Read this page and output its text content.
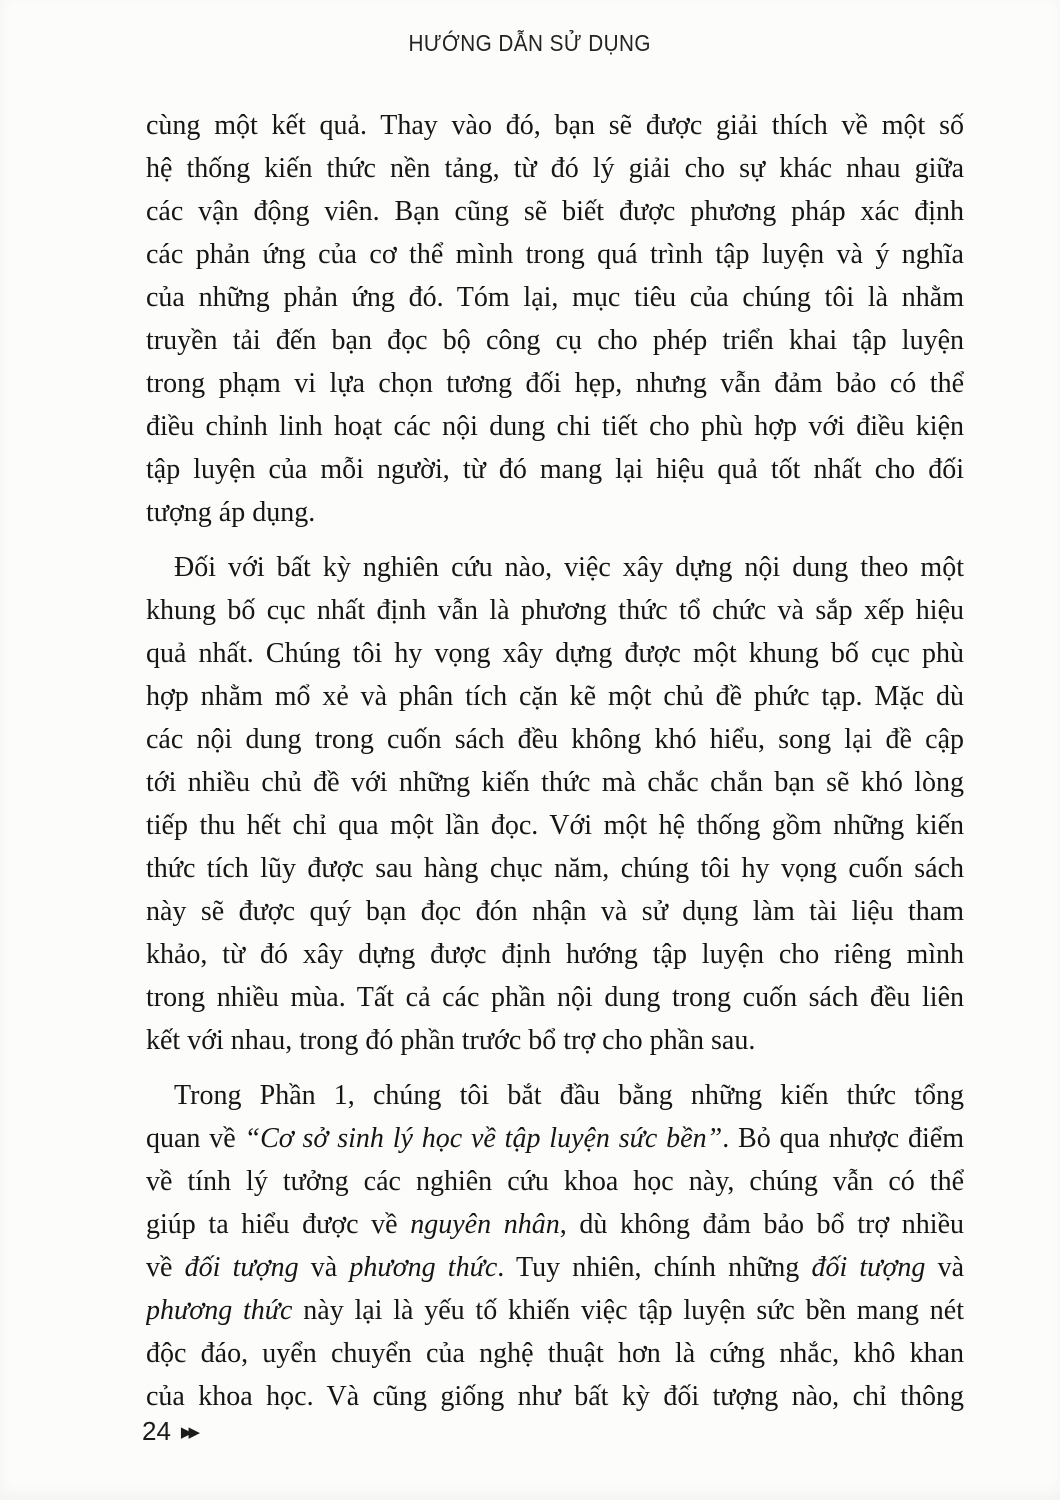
HƯỚNG DẪN SỬ DỤNG
cùng một kết quả. Thay vào đó, bạn sẽ được giải thích về một số
hệ thống kiến thức nền tảng, từ đó lý giải cho sự khác nhau giữa
các vận động viên. Bạn cũng sẽ biết được phương pháp xác định
các phản ứng của cơ thể mình trong quá trình tập luyện và ý nghĩa
của những phản ứng đó. Tóm lại, mục tiêu của chúng tôi là nhằm
truyền tải đến bạn đọc bộ công cụ cho phép triển khai tập luyện
trong phạm vi lựa chọn tương đối hẹp, nhưng vẫn đảm bảo có thể
điều chỉnh linh hoạt các nội dung chi tiết cho phù hợp với điều kiện
tập luyện của mỗi người, từ đó mang lại hiệu quả tốt nhất cho đối
tượng áp dụng.
Đối với bất kỳ nghiên cứu nào, việc xây dựng nội dung theo một
khung bố cục nhất định vẫn là phương thức tổ chức và sắp xếp hiệu
quả nhất. Chúng tôi hy vọng xây dựng được một khung bố cục phù
hợp nhằm mổ xẻ và phân tích cặn kẽ một chủ đề phức tạp. Mặc dù
các nội dung trong cuốn sách đều không khó hiểu, song lại đề cập
tới nhiều chủ đề với những kiến thức mà chắc chắn bạn sẽ khó lòng
tiếp thu hết chỉ qua một lần đọc. Với một hệ thống gồm những kiến
thức tích lũy được sau hàng chục năm, chúng tôi hy vọng cuốn sách
này sẽ được quý bạn đọc đón nhận và sử dụng làm tài liệu tham
khảo, từ đó xây dựng được định hướng tập luyện cho riêng mình
trong nhiều mùa. Tất cả các phần nội dung trong cuốn sách đều liên
kết với nhau, trong đó phần trước bổ trợ cho phần sau.
Trong Phần 1, chúng tôi bắt đầu bằng những kiến thức tổng
quan về “Cơ sở sinh lý học về tập luyện sức bền”. Bỏ qua nhược điểm
về tính lý tưởng các nghiên cứu khoa học này, chúng vẫn có thể
giúp ta hiểu được về nguyên nhân, dù không đảm bảo bổ trợ nhiều
về đối tượng và phương thức. Tuy nhiên, chính những đối tượng và
phương thức này lại là yếu tố khiến việc tập luyện sức bền mang nét
độc đáo, uyển chuyển của nghệ thuật hơn là cứng nhắc, khô khan
của khoa học. Và cũng giống như bất kỳ đối tượng nào, chỉ thông
24 ▶▶
